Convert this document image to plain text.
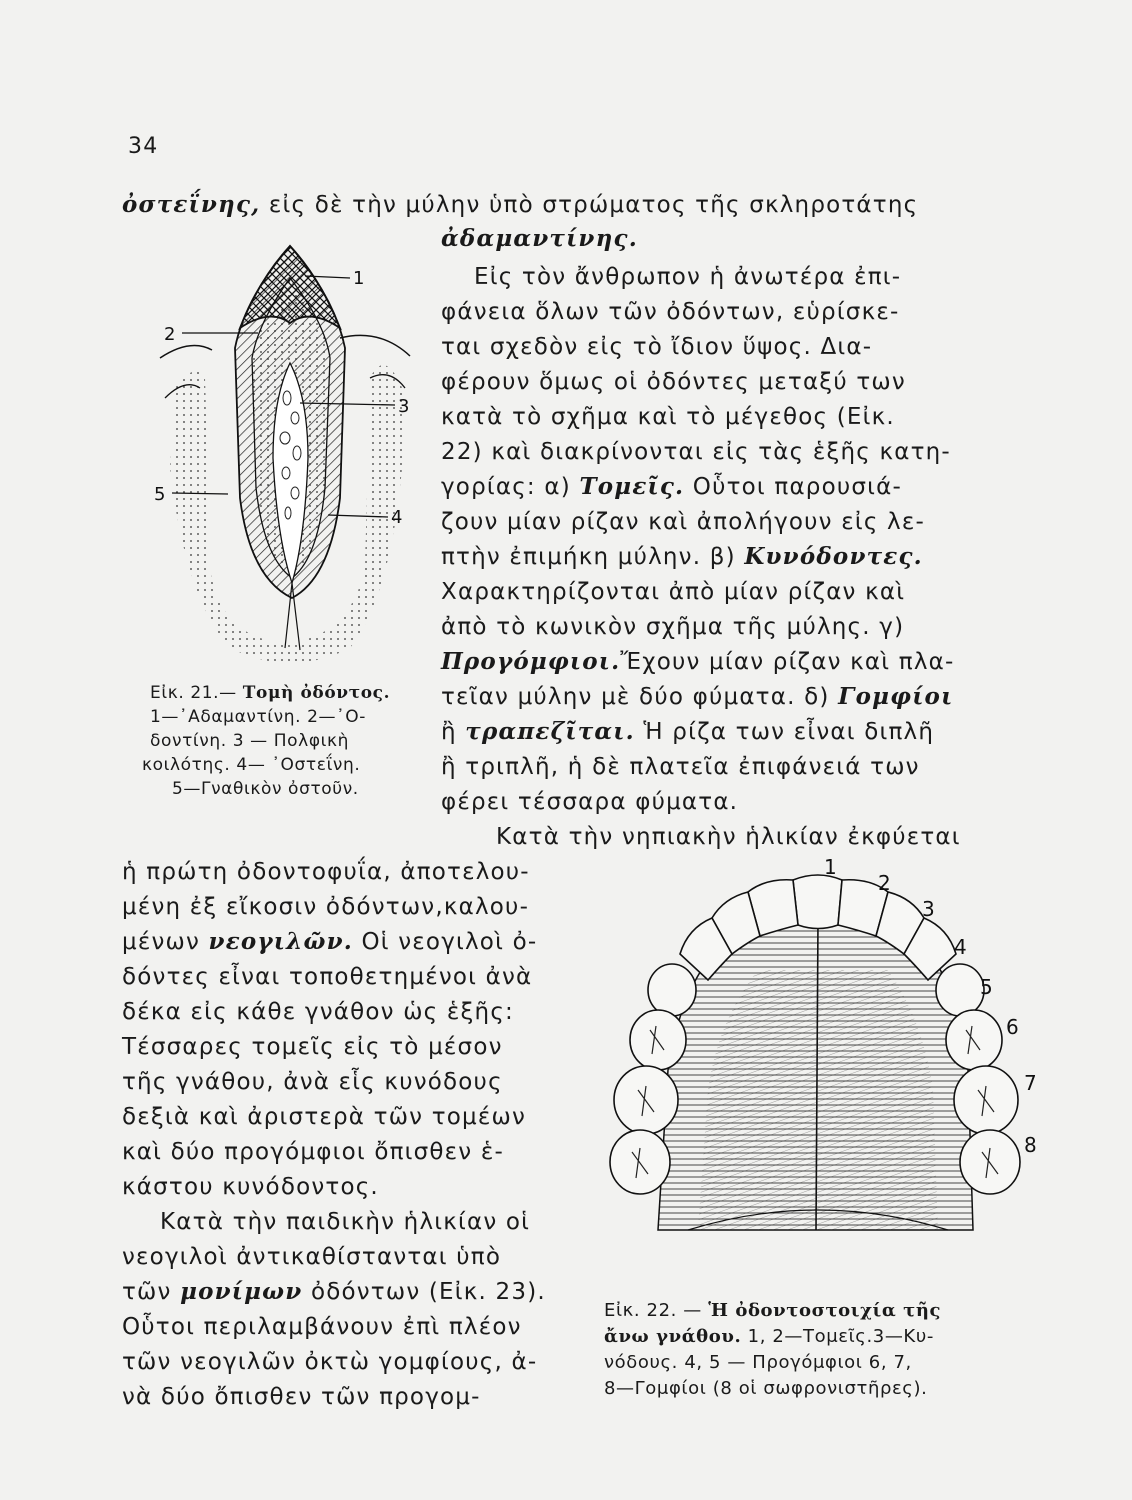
34
ὀστεΐνης, εἰς δὲ τὴν μύλην ὑπὸ στρώματος τῆς σκληροτάτης
ἀδαμαντίνης.
Εἰς τὸν ἄνθρωπον ἡ ἀνωτέρα ἐπι-
φάνεια ὅλων τῶν ὀδόντων, εὑρίσκε-
ται σχεδὸν εἰς τὸ ἴδιον ὕψος. Δια-
φέρουν ὅμως οἱ ὀδόντες μεταξύ των
κατὰ τὸ σχῆμα καὶ τὸ μέγεθος (Εἰκ.
22) καὶ διακρίνονται εἰς τὰς ἑξῆς κατη-
γορίας: α) Τομεῖς. Οὗτοι παρουσιά-
ζουν μίαν ρίζαν καὶ ἀπολήγουν εἰς λε-
πτὴν ἐπιμήκη μύλην. β) Κυνόδοντες.
Χαρακτηρίζονται ἀπὸ μίαν ρίζαν καὶ
ἀπὸ τὸ κωνικὸν σχῆμα τῆς μύλης. γ)
Προγόμφιοι.Ἔχουν μίαν ρίζαν καὶ πλα-
τεῖαν μύλην μὲ δύο φύματα. δ) Γομφίοι
ἢ τραπεζῖται. Ἡ ρίζα των εἶναι διπλῆ
ἢ τριπλῆ, ἡ δὲ πλατεῖα ἐπιφάνειά των
φέρει τέσσαρα φύματα.
Κατὰ τὴν νηπιακὴν ἡλικίαν ἐκφύεται
ἡ πρώτη ὀδοντοφυΐα, ἀποτελου-
μένη ἐξ εἴκοσιν ὀδόντων,καλου-
μένων νεογιλῶν. Οἱ νεογιλοὶ ὀ-
δόντες εἶναι τοποθετημένοι ἀνὰ
δέκα εἰς κάθε γνάθον ὡς ἑξῆς:
Τέσσαρες τομεῖς εἰς τὸ μέσον
τῆς γνάθου, ἀνὰ εἷς κυνόδους
δεξιὰ καὶ ἀριστερὰ τῶν τομέων
καὶ δύο προγόμφιοι ὄπισθεν ἑ-
κάστου κυνόδοντος.
Κατὰ τὴν παιδικὴν ἡλικίαν οἱ
νεογιλοὶ ἀντικαθίστανται ὑπὸ
τῶν μονίμων ὀδόντων (Εἰκ. 23).
Οὗτοι περιλαμβάνουν ἐπὶ πλέον
τῶν νεογιλῶν ὀκτὼ γομφίους, ἀ-
νὰ δύο ὄπισθεν τῶν προγομ-
1
2
3
4
5
Εἰκ. 21.— Τομὴ ὀδόντος.
1—᾽Αδαμαντίνη. 2—᾽Ο-
δοντίνη. 3 — Πολφικὴ
κοιλότης. 4— ᾽Οστεΐνη.
5—Γναθικὸν ὀστοῦν.
1
2
3
4
5
6
7
8
Εἰκ. 22. — Ἡ ὀδοντοστοιχία τῆς
ἄνω γνάθου. 1, 2—Τομεῖς.3—Κυ-
νόδους. 4, 5 — Προγόμφιοι 6, 7,
8—Γομφίοι (8 οἱ σωφρονιστῆρες).
